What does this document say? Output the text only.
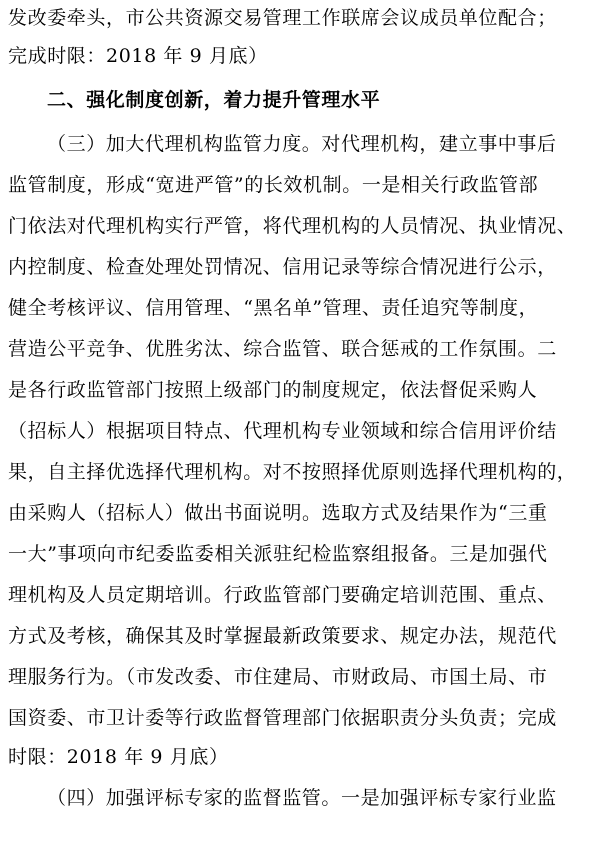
发改委牵头，市公共资源交易管理工作联席会议成员单位配合；
完成时限：2018 年 9 月底）
二、强化制度创新，着力提升管理水平
（三）加大代理机构监管力度。对代理机构，建立事中事后
监管制度，形成“宽进严管”的长效机制。一是相关行政监管部
门依法对代理机构实行严管，将代理机构的人员情况、执业情况、
内控制度、检查处理处罚情况、信用记录等综合情况进行公示，
健全考核评议、信用管理、“黑名单”管理、责任追究等制度，
营造公平竞争、优胜劣汰、综合监管、联合惩戒的工作氛围。二
是各行政监管部门按照上级部门的制度规定，依法督促采购人
（招标人）根据项目特点、代理机构专业领域和综合信用评价结
果，自主择优选择代理机构。对不按照择优原则选择代理机构的，
由采购人（招标人）做出书面说明。选取方式及结果作为“三重
一大”事项向市纪委监委相关派驻纪检监察组报备。三是加强代
理机构及人员定期培训。行政监管部门要确定培训范围、重点、
方式及考核，确保其及时掌握最新政策要求、规定办法，规范代
理服务行为。（市发改委、市住建局、市财政局、市国土局、市
国资委、市卫计委等行政监督管理部门依据职责分头负责；完成
时限：2018 年 9 月底）
（四）加强评标专家的监督监管。一是加强评标专家行业监
